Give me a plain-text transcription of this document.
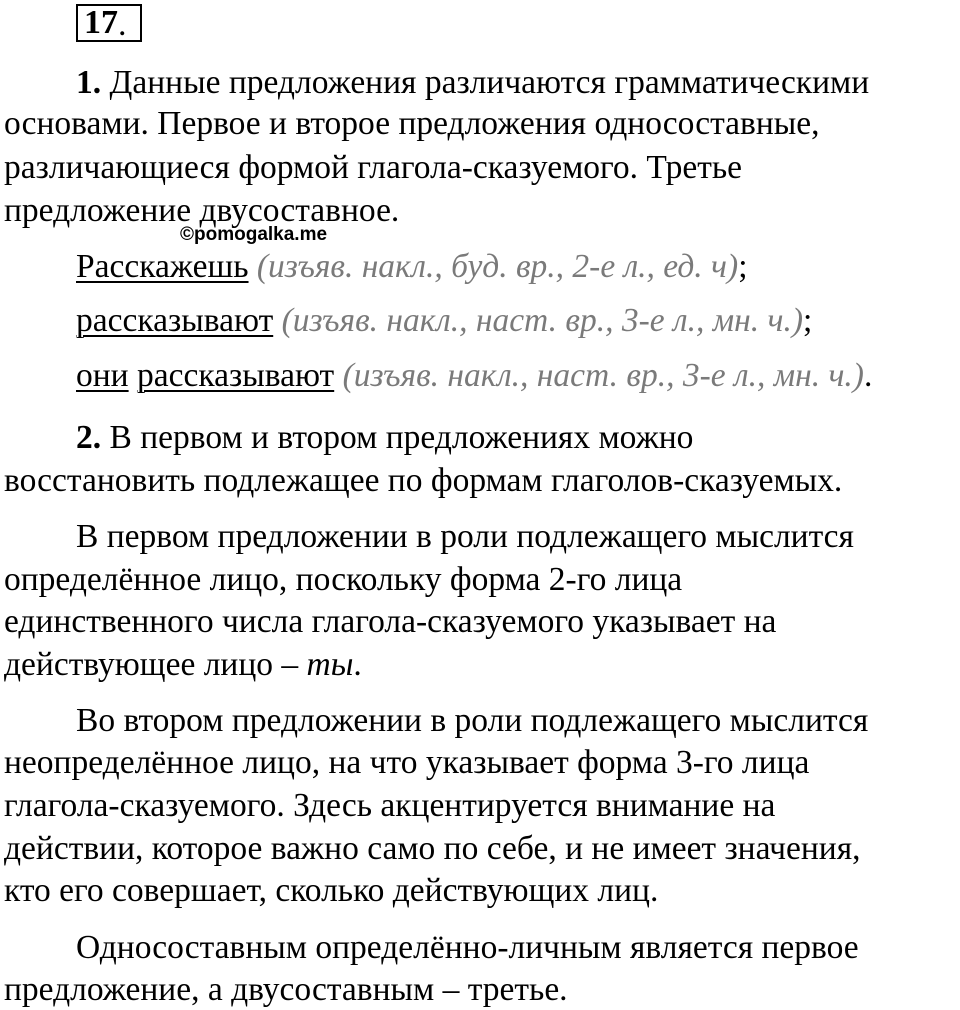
17 .
1. Данные предложения различаются грамматическими
основами. Первое и второе предложения односоставные,
различающиеся формой глагола-сказуемого. Третье
предложение двусоставное.
©pomogalka.me
Расскажешь (изъяв. накл., буд. вр., 2-е л., ед. ч);
рассказывают (изъяв. накл., наст. вр., 3-е л., мн. ч.);
они рассказывают (изъяв. накл., наст. вр., 3-е л., мн. ч.).
2. В первом и втором предложениях можно
восстановить подлежащее по формам глаголов-сказуемых.
В первом предложении в роли подлежащего мыслится
определённое лицо, поскольку форма 2-го лица
единственного числа глагола-сказуемого указывает на
действующее лицо – ты.
Во втором предложении в роли подлежащего мыслится
неопределённое лицо, на что указывает форма 3-го лица
глагола-сказуемого. Здесь акцентируется внимание на
действии, которое важно само по себе, и не имеет значения,
кто его совершает, сколько действующих лиц.
Односоставным определённо-личным является первое
предложение, а двусоставным – третье.
